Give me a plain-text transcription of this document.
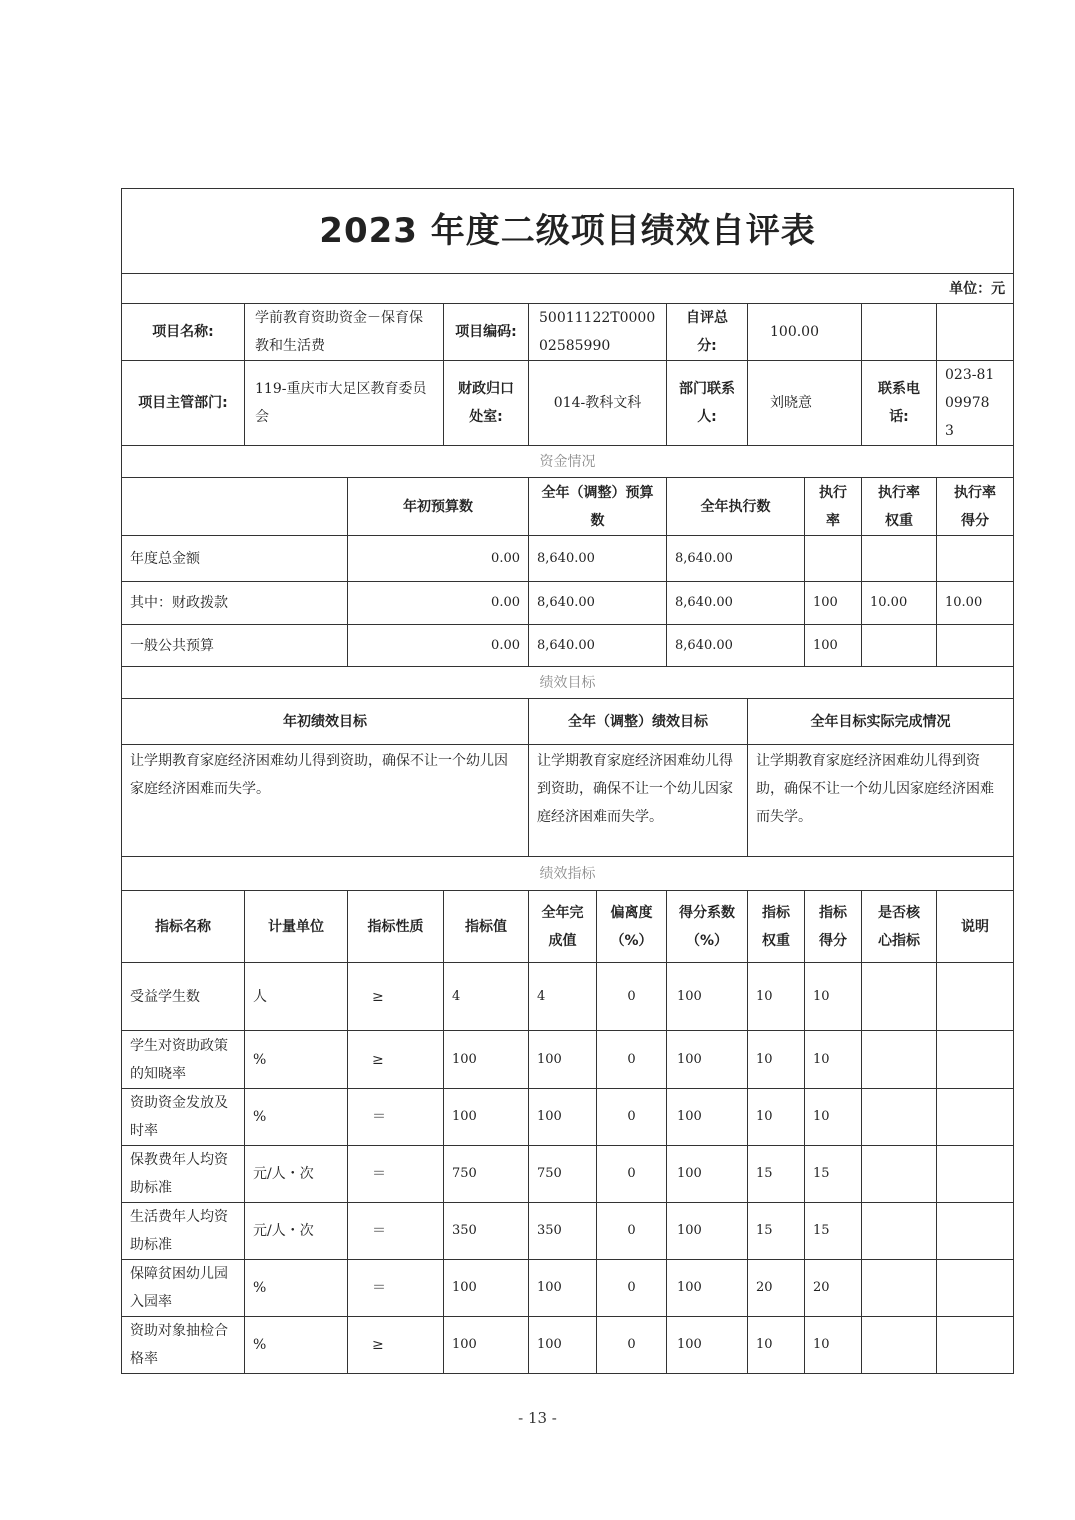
2023 年度二级项目绩效自评表										
单位：元										
项目名称:	学前教育资助资金－保育保教和生活费		项目编码:	50011122T000002585990		自评总分:	100.00			
项目主管部门:	119-重庆市大足区教育委员会		财政归口处室:	014-教科文科		部门联系人:	刘晓意		联系电话:	023-81099783
资金情况										
		年初预算数		全年（调整）预算数		全年执行数		执行率	执行率权重	执行率得分
年度总金额		0.00		8,640.00		8,640.00				
其中：财政拨款		0.00		8,640.00		8,640.00		100	10.00	10.00
一般公共预算		0.00		8,640.00		8,640.00		100		
绩效目标										
年初绩效目标				全年（调整）绩效目标			全年目标实际完成情况			
让学期教育家庭经济困难幼儿得到资助，确保不让一个幼儿因家庭经济困难而失学。				让学期教育家庭经济困难幼儿得到资助，确保不让一个幼儿因家庭经济困难而失学。			让学期教育家庭经济困难幼儿得到资助，确保不让一个幼儿因家庭经济困难而失学。			
绩效指标										
指标名称	计量单位	指标性质	指标值	全年完成值	偏离度（%）	得分系数（%）	指标权重	指标得分	是否核心指标	说明
受益学生数	人	≥	4	4	0	100	10	10		
学生对资助政策的知晓率	%	≥	100	100	0	100	10	10		
资助资金发放及时率	%	＝	100	100	0	100	10	10		
保教费年人均资助标准	元/人・次	＝	750	750	0	100	15	15		
生活费年人均资助标准	元/人・次	＝	350	350	0	100	15	15		
保障贫困幼儿园入园率	%	＝	100	100	0	100	20	20		
资助对象抽检合格率	%	≥	100	100	0	100	10	10		
- 13 -
